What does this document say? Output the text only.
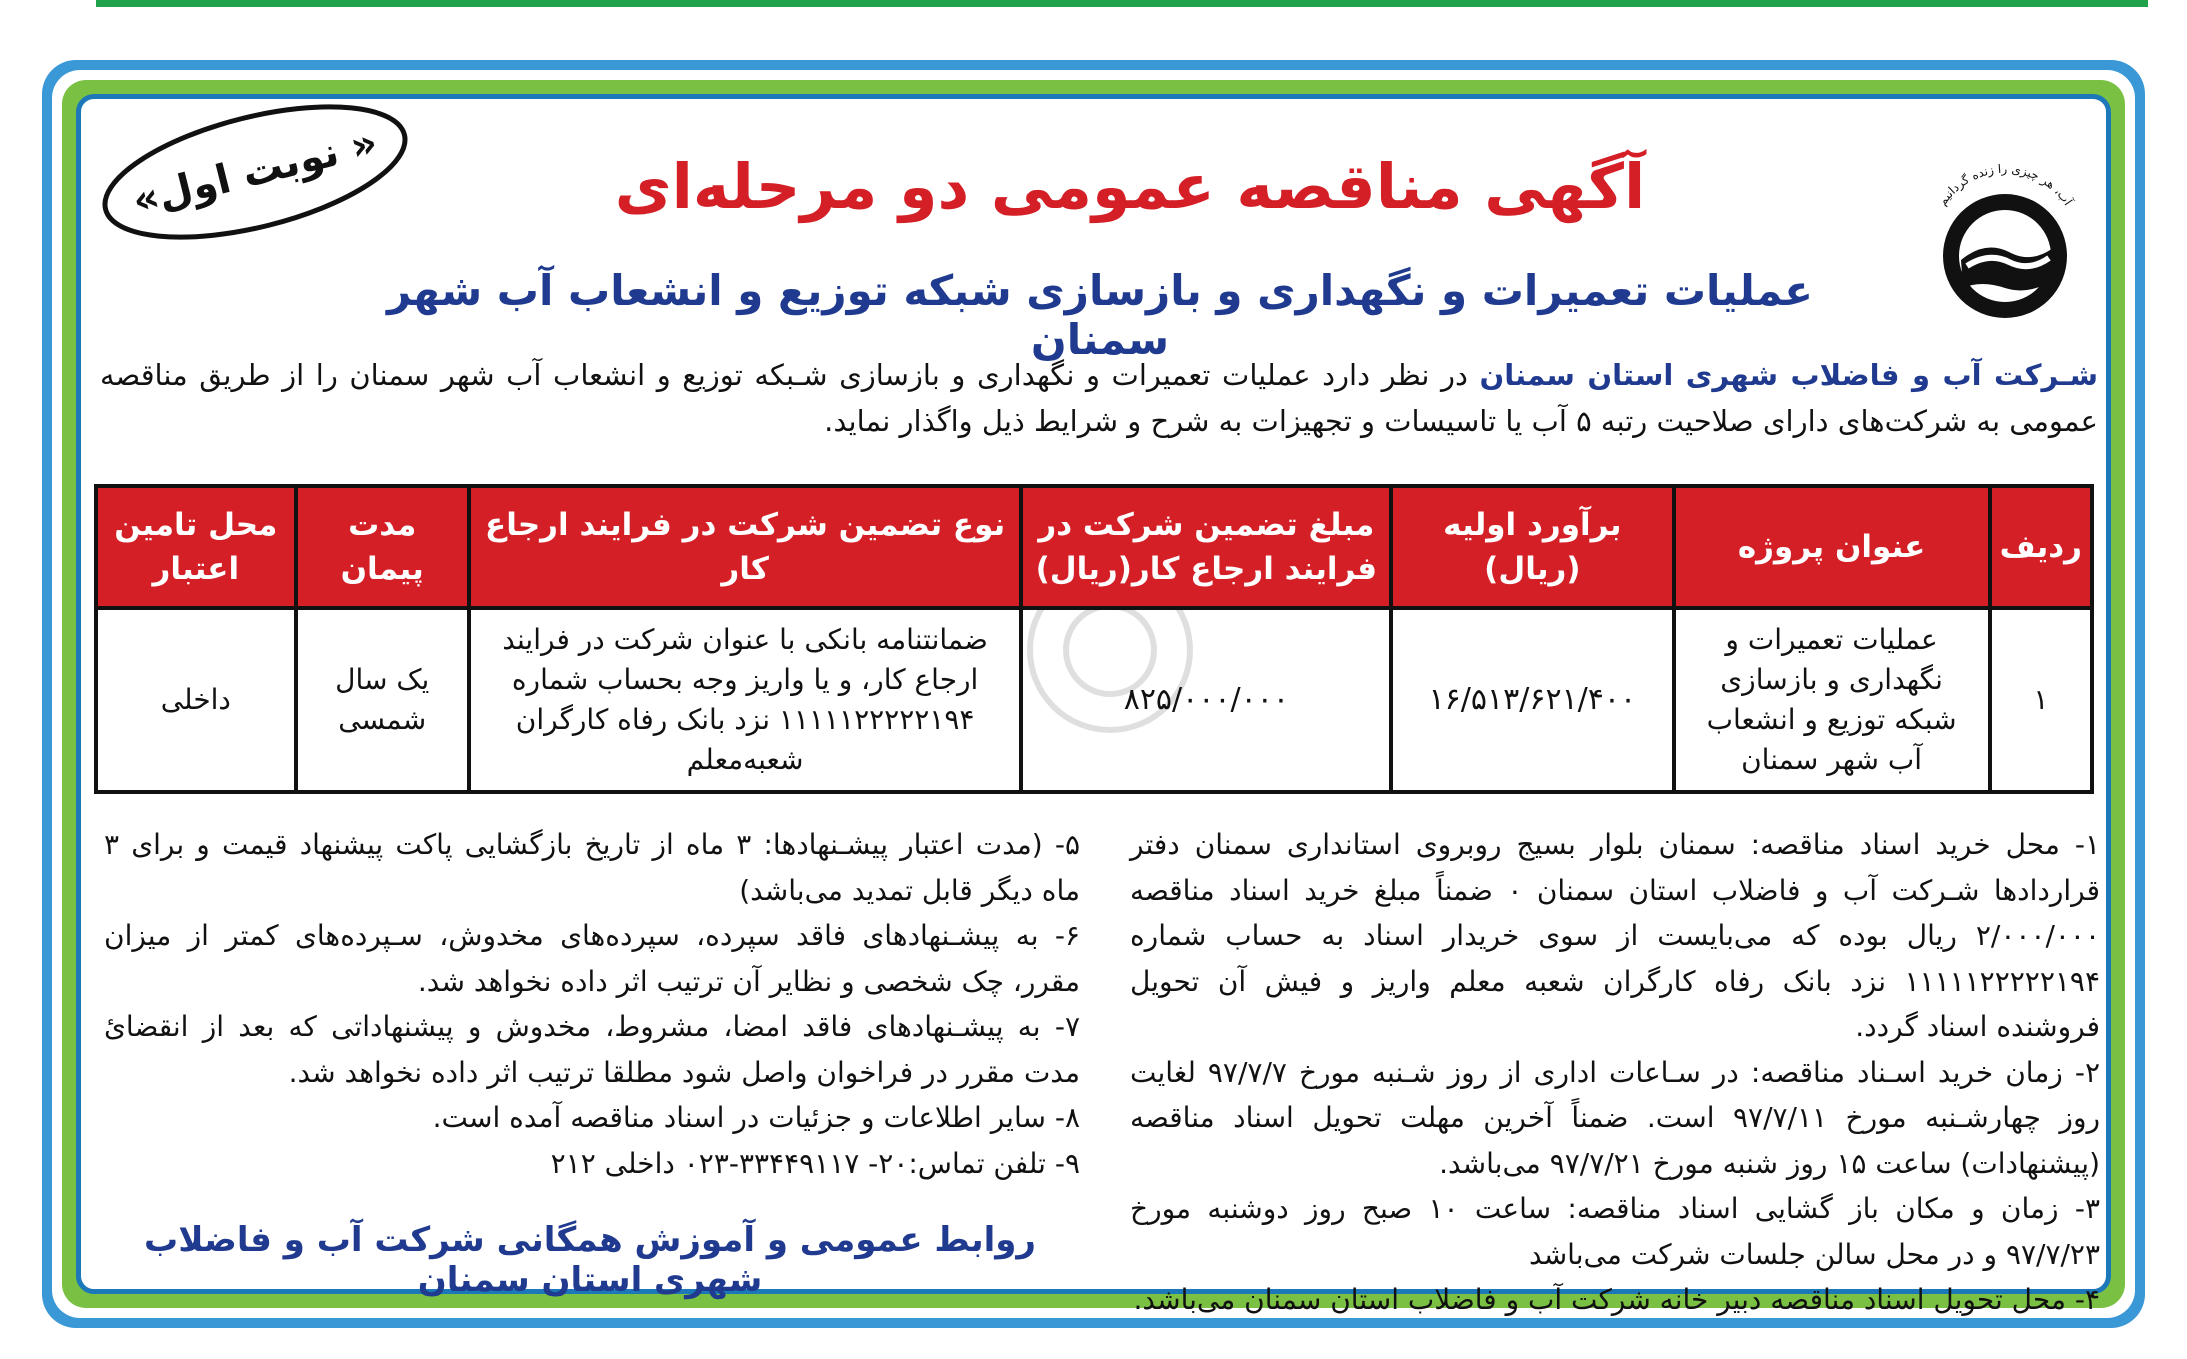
آب، هر چیزی را زنده گردانیم
« نوبت اول»	آگهی مناقصه عمومی دو مرحله‌ای
عملیات تعمیرات و نگهداری و بازسازی شبکه توزیع و انشعاب آب شهر سمنان
شـرکت آب و فاضلاب شهری استان سمنان در نظر دارد عملیات تعمیرات و نگهداری و بازسازی شـبکه توزیع و انشعاب آب شهر سمنان را از طریق مناقصه عمومی به شرکت‌های دارای صلاحیت رتبه ۵ آب یا تاسیسات و تجهیزات به شرح و شرایط ذیل واگذار نماید.
ردیف	عنوان پروژه	برآورد اولیه (ریال)	مبلغ تضمین شرکت در فرایند ارجاع کار(ریال)	نوع تضمین شرکت در فرایند ارجاع کار	مدت پیمان	محل تامین اعتبار
۱	عملیات تعمیرات و نگهداری و بازسازی شبکه توزیع و انشعاب آب شهر سمنان	۱۶/۵۱۳/۶۲۱/۴۰۰	۸۲۵/۰۰۰/۰۰۰	ضمانتنامه بانکی با عنوان شرکت در فرایند ارجاع کار، و یا واریز وجه بحساب شماره ۱۱۱۱۱۲۲۲۲۲۱۹۴ نزد بانک رفاه کارگران شعبه‌معلم	یک سال شمسی	داخلی

۱- محل خرید اسناد مناقصه: سمنان بلوار بسیج روبروی استانداری سمنان دفتر قراردادها شـرکت آب و فاضلاب استان سمنان ۰ ضمناً مبلغ خرید اسناد مناقصه ۲/۰۰۰/۰۰۰ ریال بوده که می‌بایست از سوی خریدار اسناد به حساب شماره ۱۱۱۱۱۲۲۲۲۲۱۹۴ نزد بانک رفاه کارگران شعبه معلم واریز و فیش آن تحویل فروشنده اسناد گردد.

۲- زمان خرید اسـناد مناقصه: در سـاعات اداری از روز شـنبه مورخ ۹۷/۷/۷ لغایت روز چهارشـنبه مورخ ۹۷/۷/۱۱ است. ضمناً آخرین مهلت تحویل اسناد مناقصه (پیشنهادات) ساعت ۱۵ روز شنبه مورخ ۹۷/۷/۲۱ می‌باشد.

۳- زمان و مکان باز گشایی اسناد مناقصه: ساعت ۱۰ صبح روز دوشنبه مورخ ۹۷/۷/۲۳ و در محل سالن جلسات شرکت می‌باشد

۴- محل تحویل اسناد مناقصه دبیر خانه شرکت آب و فاضلاب استان سمنان می‌باشد.

۵- (مدت اعتبار پیشـنهادها: ۳ ماه از تاریخ بازگشایی پاکت پیشنهاد قیمت و برای ۳ ماه دیگر قابل تمدید می‌باشد)

۶- به پیشـنهادهای فاقد سپرده، سپرده‌های مخدوش، سـپرده‌های کمتر از میزان مقرر، چک شخصی و نظایر آن ترتیب اثر داده نخواهد شد.

۷- به پیشـنهادهای فاقد امضا، مشروط، مخدوش و پیشنهاداتی که بعد از انقضایٔ مدت مقرر در فراخوان واصل شود مطلقا ترتیب اثر داده نخواهد شد.

۸- سایر اطلاعات و جزئیات در اسناد مناقصه آمده است.

۹- تلفن تماس:۲۰- ۳۳۴۴۹۱۱۷-۰۲۳ داخلی ۲۱۲

روابط عمومی و آموزش همگانی شرکت آب و فاضلاب شهری استان سمنان
